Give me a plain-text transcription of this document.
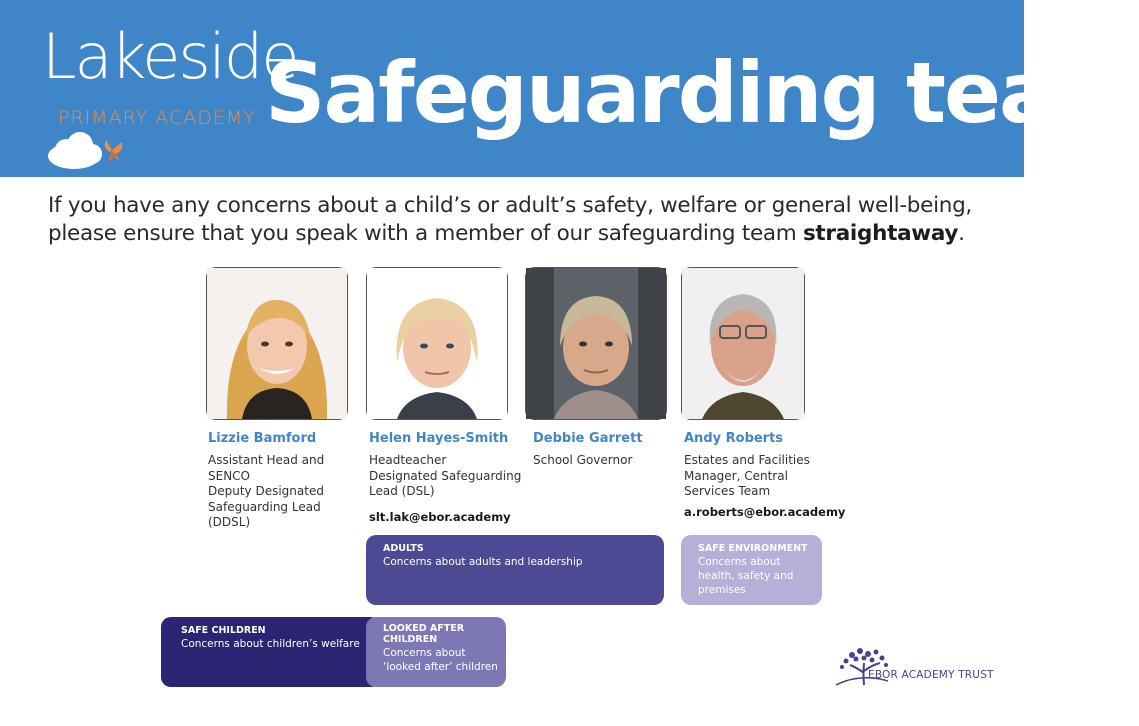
Lakeside
PRIMARY ACADEMY Safeguarding team
If you have any concerns about a child’s or adult’s safety, welfare or general well-being, please ensure that you speak with a member of our safeguarding team straightaway.
Lizzie Bamford	Helen Hayes-Smith Debbie Garrett	Andy Roberts
Assistant Head and
SENCO
Deputy Designated
Safeguarding Lead
(DDSL)
Headteacher
Designated Safeguarding
Lead (DSL)
School Governor	Estates and Facilities
Manager, Central
Services Team
slt.lak@ebor.academy	a.roberts@ebor.academy
ADULTS
Concerns about adults and leadership
SAFE ENVIRONMENT
Concerns about health, safety and premises
SAFE CHILDREN
Concerns about children’s welfare
LOOKED AFTER CHILDREN
Concerns about ‘looked after’ children
EBOR ACADEMY TRUST
